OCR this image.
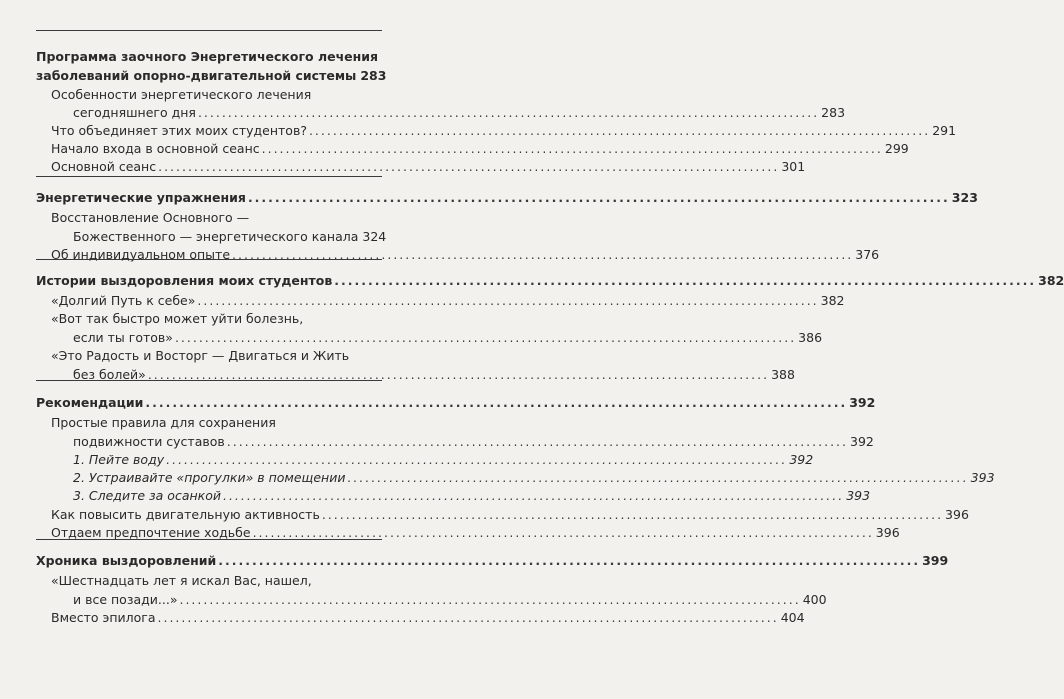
Программа заочного Энергетического лечения
заболеваний опорно-двигательной системы 283
Особенности энергетического лечения
сегодняшнего дня .....	283
Что объединяет этих моих студентов? .....	291
Начало входа в основной сеанс .....	299
Основной сеанс .....	301
Энергетические упражнения .....	323
Восстановление Основного —
Божественного — энергетического канала 324
Об индивидуальном опыте .....	376
Истории выздоровления моих студентов .....	382
«Долгий Путь к себе» .....	382
«Вот так быстро может уйти болезнь,
если ты готов» .....	386
«Это Радость и Восторг — Двигаться и Жить
без болей» .....	388
Рекомендации .....	392
Простые правила для сохранения
подвижности суставов .....	392
1. Пейте воду .....	392
2. Устраивайте «прогулки» в помещении .....	393
3. Следите за осанкой .....	393
Как повысить двигательную активность .....	396
Отдаем предпочтение ходьбе .....	396
Хроника выздоровлений .....	399
«Шестнадцать лет я искал Вас, нашел,
и все позади...» .....	400
Вместо эпилога .....	404
